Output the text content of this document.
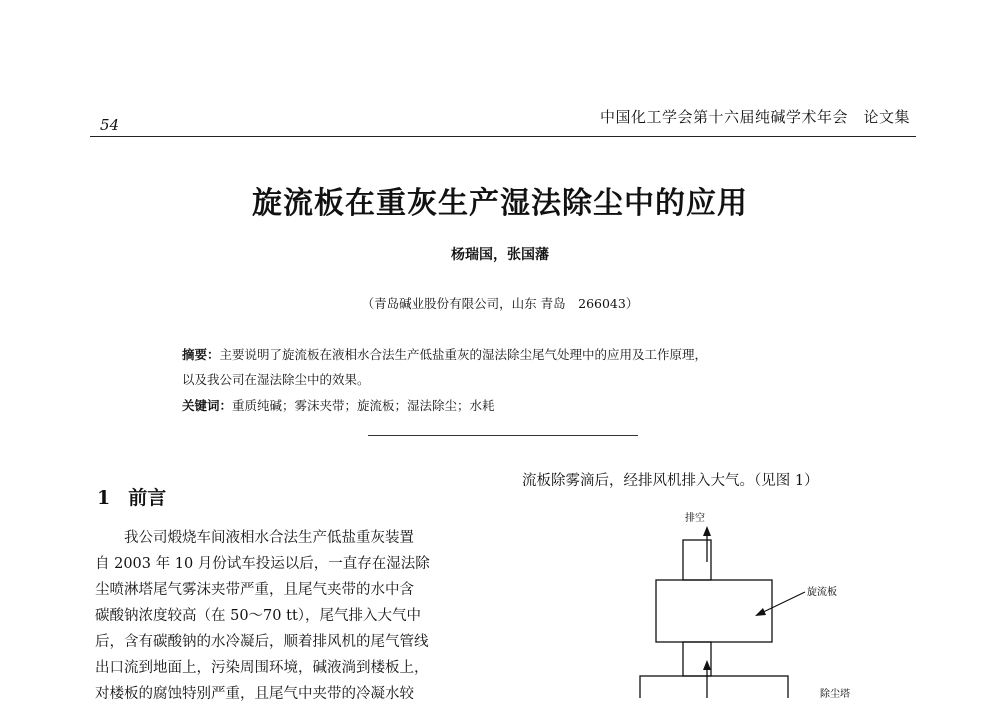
54	中国化工学会第十六届纯碱学术年会　论文集
旋流板在重灰生产湿法除尘中的应用
杨瑞国，张国藩
（青岛碱业股份有限公司，山东 青岛　266043）
摘要：主要说明了旋流板在液相水合法生产低盐重灰的湿法除尘尾气处理中的应用及工作原理，
以及我公司在湿法除尘中的效果。
关键词：重质纯碱；雾沫夹带；旋流板；湿法除尘；水耗
1 前言
　　我公司煅烧车间液相水合法生产低盐重灰装置
自 2003 年 10 月份试车投运以后，一直存在湿法除
尘喷淋塔尾气雾沫夹带严重，且尾气夹带的水中含
碳酸钠浓度较高（在 50～70 tt），尾气排入大气中
后，含有碳酸钠的水冷凝后，顺着排风机的尾气管线
出口流到地面上，污染周围环境，碱液淌到楼板上，
对楼板的腐蚀特别严重，且尾气中夹带的冷凝水较
流板除雾滴后，经排风机排入大气。（见图 1）
排空
旋流板
除尘塔
